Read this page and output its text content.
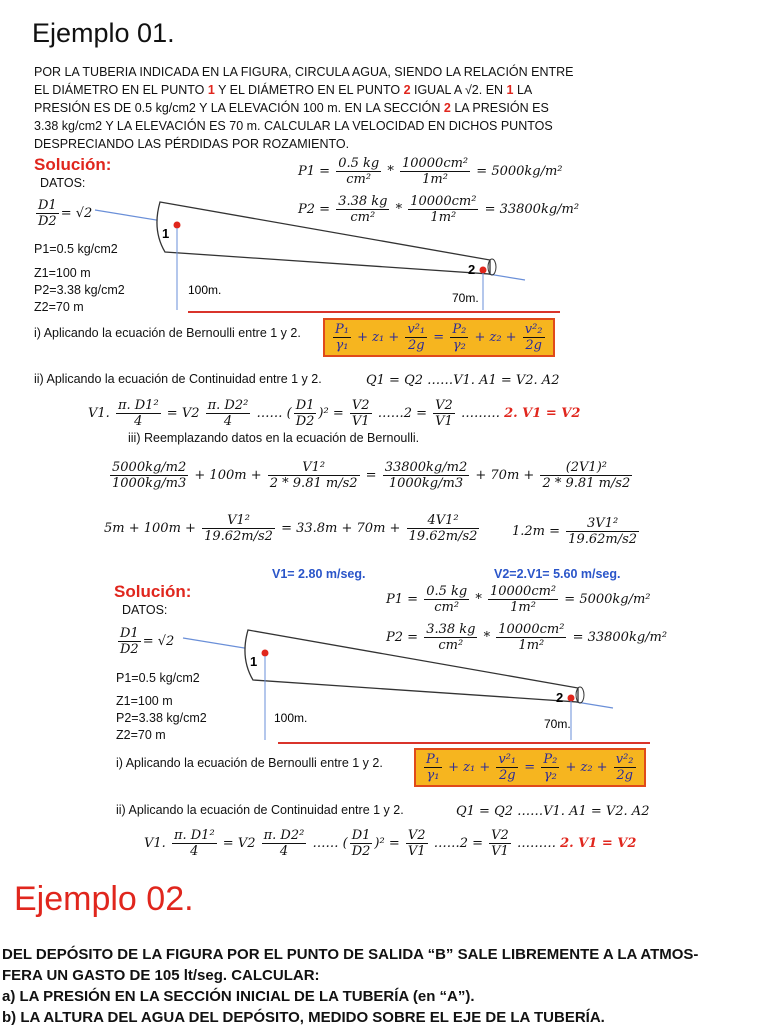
Ejemplo 01.
POR LA TUBERIA INDICADA EN LA FIGURA, CIRCULA AGUA, SIENDO LA RELACIÓN ENTRE
EL DIÁMETRO EN EL PUNTO 1 Y EL DIÁMETRO EN EL PUNTO 2 IGUAL A √2. EN 1 LA
PRESIÓN ES DE 0.5 kg/cm2 Y LA ELEVACIÓN 100 m. EN LA SECCIÓN 2 LA PRESIÓN ES
3.38 kg/cm2 Y LA ELEVACIÓN ES 70 m. CALCULAR LA VELOCIDAD EN DICHOS PUNTOS
DESPRECIANDO LAS PÉRDIDAS POR ROZAMIENTO.
Solución:
DATOS:
$\frac{D1}{D2} = √2$
P1=0.5 kg/cm2
Z1=100 m
P2=3.38 kg/cm2
Z2=70 m
$P1 = \frac{0.5 kg}{\text{cm²}} * \frac{\text{10000cm²}}{\text{1m²}} = 5000kg/m^2$
$P2 = \frac{3.38 kg}{\text{cm²}} * \frac{\text{10000cm²}}{\text{1m²}} = 33800kg/m^2$
1
2
100m.
70m.
i) Aplicando la ecuación de Bernoulli entre 1 y 2. $\frac{\text{P₁}}{\text{γ₁}} + z_1 + \frac{\text{v²₁}}{2g} = \frac{\text{P₂}}{\text{γ₂}} + z_2 + \frac{\text{v²₂}}{2g}$
ii) Aplicando la ecuación de Continuidad entre 1 y 2.	Q1 = Q2 ……V1. A1 = V2. A2
V1. $\frac{\text{π. D1²}}{4} = V2 \frac{\text{π. D2²}}{4}$ …… ( $\frac{D1}{D2} )^2 = \frac{V2}{V1}$ ……2 = $\frac{V2}{V1}$ ……… 2. V1 = V2
iii) Reemplazando datos en la ecuación de Bernoulli.
$\frac{5000kg/m2}{1000kg/m3} + 100m + \frac{\text{V1²}}{2 * 9.81 m/s2} = \frac{33800kg/m2}{1000kg/m3} + 70m + \frac{\text{(2V1)²}}{2 * 9.81 m/s2}$
$5m + 100m + \frac{\text{V1²}}{19.62m/s2} = 33.8m + 70m + \frac{\text{4V1²}}{19.62m/s2}$	$1.2m = \frac{\text{3V1²}}{19.62m/s2}$
V1= 2.80 m/seg.	V2=2.V1= 5.60 m/seg.
Solución:
DATOS:
$\frac{D1}{D2} = √2$
P1=0.5 kg/cm2
Z1=100 m
P2=3.38 kg/cm2
Z2=70 m
$P1 = \frac{0.5 kg}{\text{cm²}} * \frac{\text{10000cm²}}{\text{1m²}} = 5000kg/m^2$
$P2 = \frac{3.38 kg}{\text{cm²}} * \frac{\text{10000cm²}}{\text{1m²}} = 33800kg/m^2$
1
2
100m.	70m.
i) Aplicando la ecuación de Bernoulli entre 1 y 2.	$\frac{\text{P₁}}{\text{γ₁}} + z_1 + \frac{\text{v²₁}}{2g} = \frac{\text{P₂}}{\text{γ₂}} + z_2 + \frac{\text{v²₂}}{2g}$
ii) Aplicando la ecuación de Continuidad entre 1 y 2.	Q1 = Q2 ……V1. A1 = V2. A2
V1. $\frac{\text{π. D1²}}{4} = V2 \frac{\text{π. D2²}}{4}$ …… ( $\frac{D1}{D2} )^2 = \frac{V2}{V1}$ ……2 = $\frac{V2}{V1}$ ……… 2. V1 = V2
Ejemplo 02.
DEL DEPÓSITO DE LA FIGURA POR EL PUNTO DE SALIDA “B” SALE LIBREMENTE A LA ATMOS-
FERA UN GASTO DE 105 lt/seg. CALCULAR:
a) LA PRESIÓN EN LA SECCIÓN INICIAL DE LA TUBERÍA (en “A”).
b) LA ALTURA DEL AGUA DEL DEPÓSITO, MEDIDO SOBRE EL EJE DE LA TUBERÍA.
